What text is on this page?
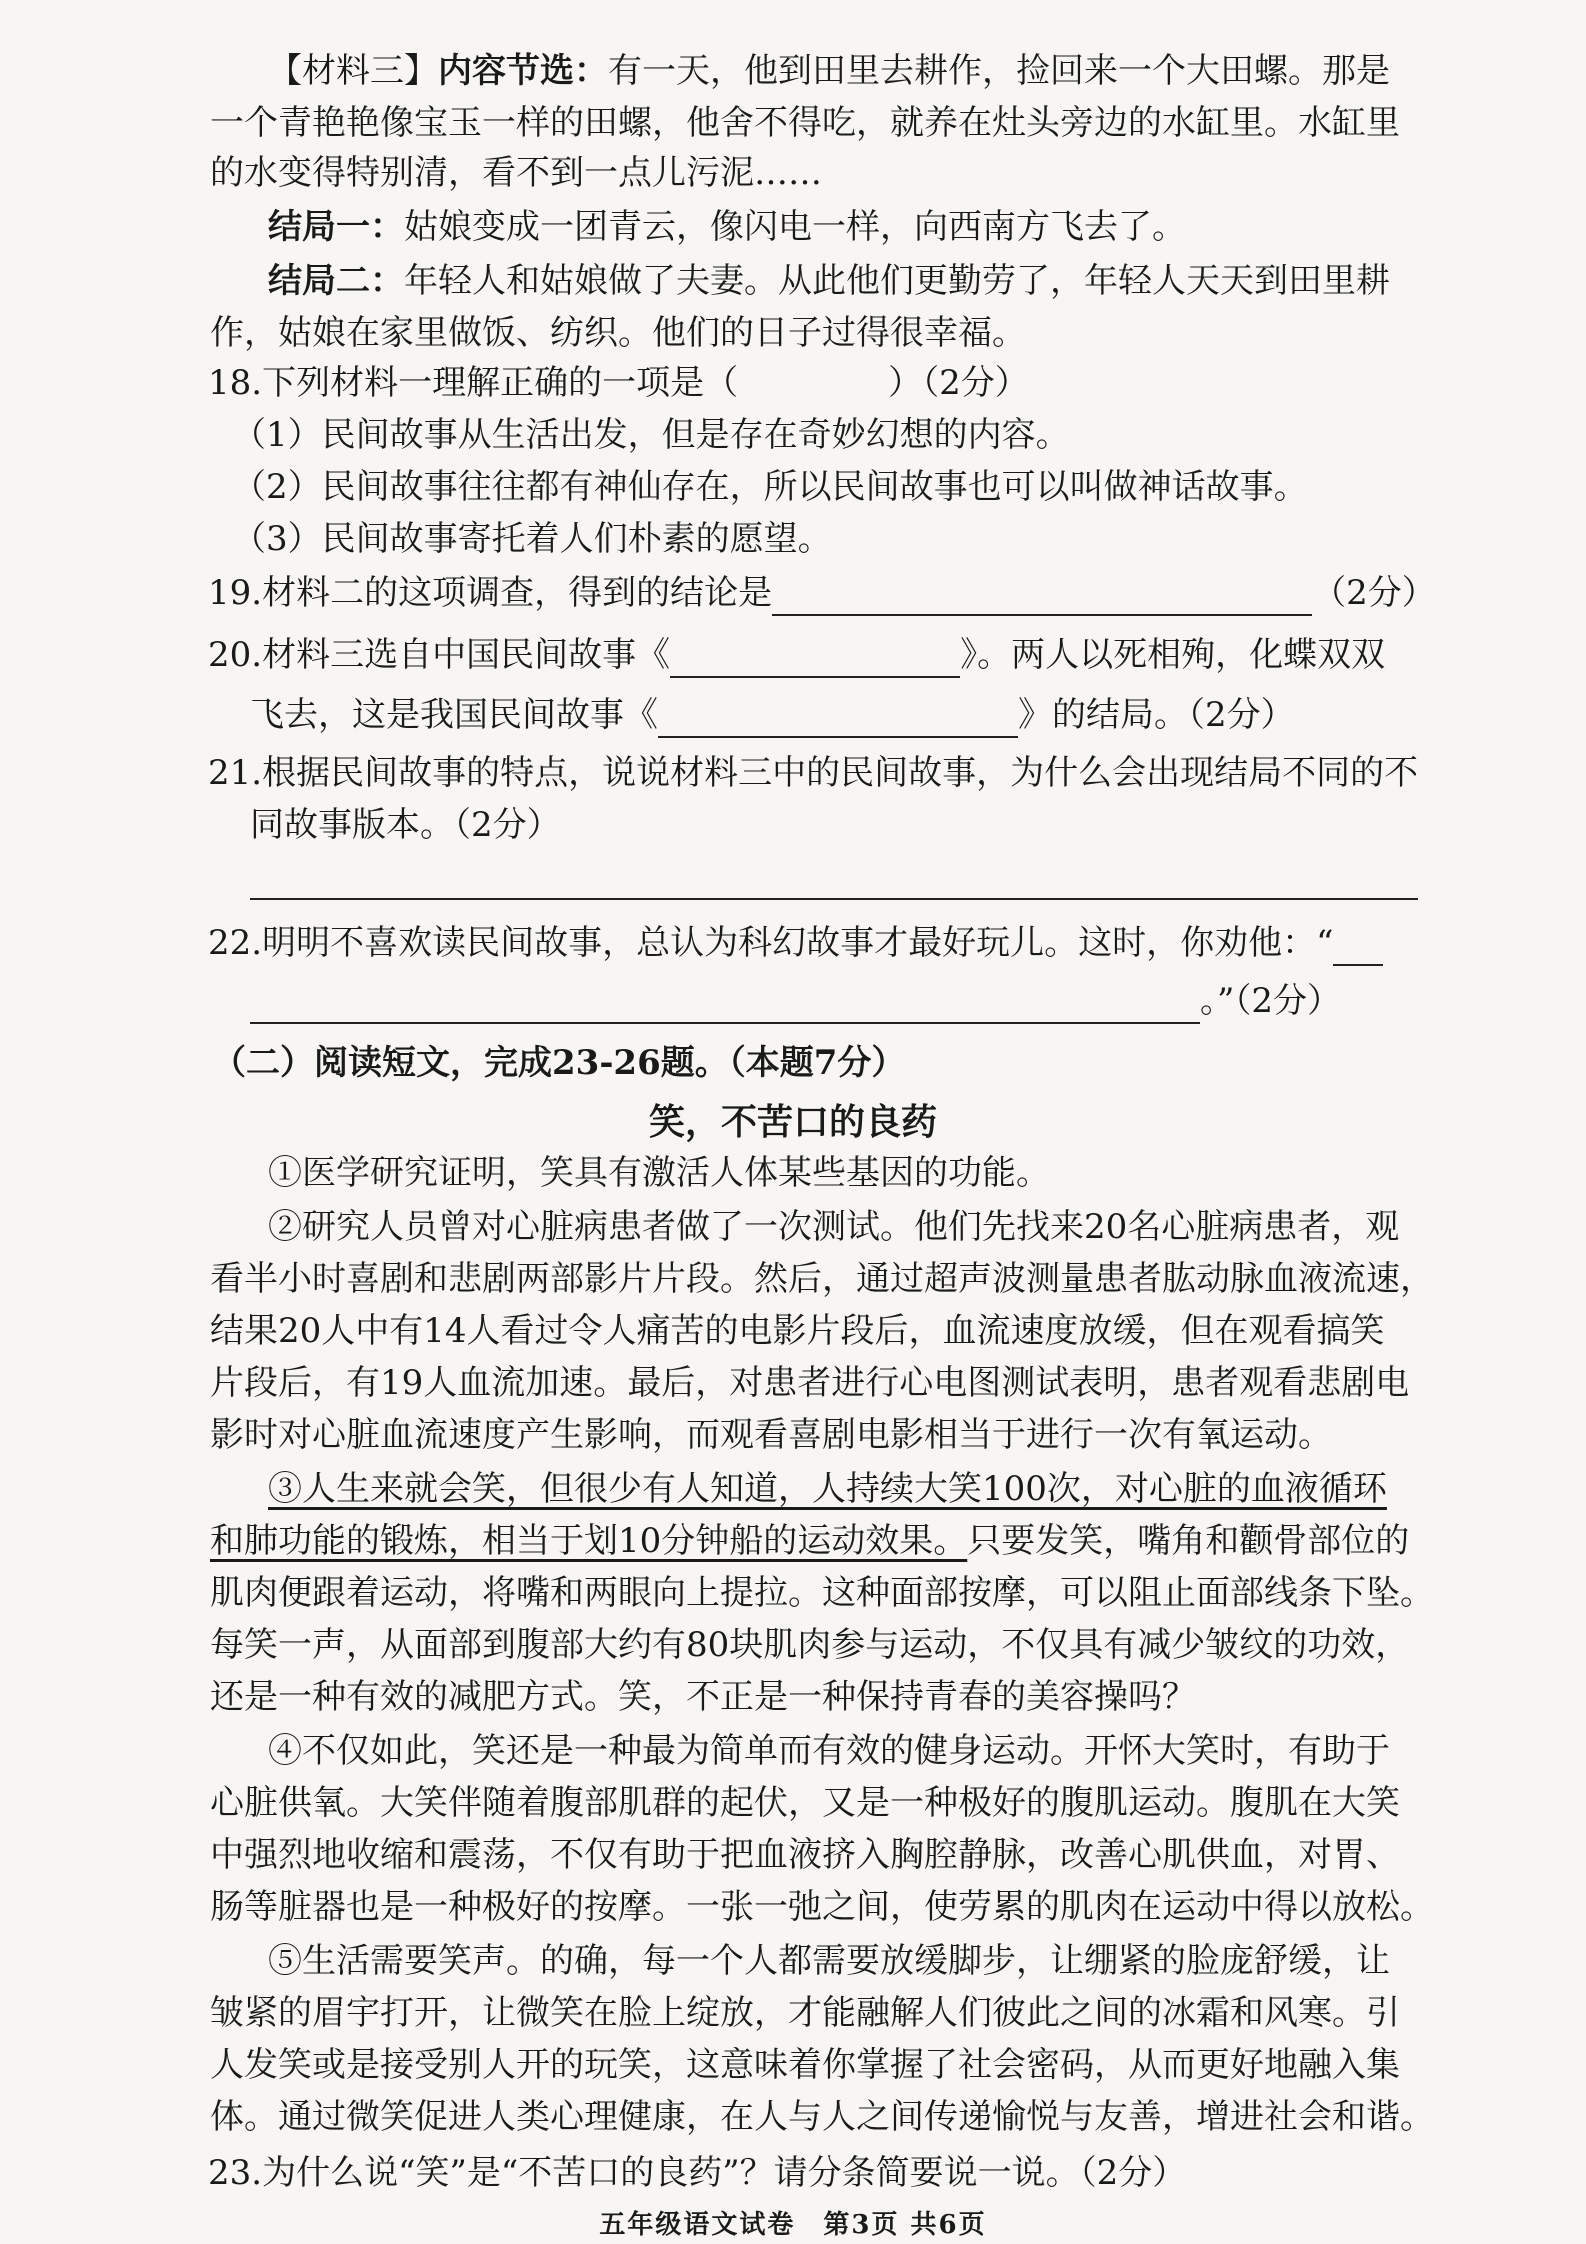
【材料三】内容节选：有一天，他到田里去耕作，捡回来一个大田螺。那是
一个青艳艳像宝玉一样的田螺，他舍不得吃，就养在灶头旁边的水缸里。水缸里
的水变得特别清，看不到一点儿污泥……
结局一：姑娘变成一团青云，像闪电一样，向西南方飞去了。
结局二：年轻人和姑娘做了夫妻。从此他们更勤劳了，年轻人天天到田里耕
作，姑娘在家里做饭、纺织。他们的日子过得很幸福。
18.下列材料一理解正确的一项是（	）（2分）
（1）民间故事从生活出发，但是存在奇妙幻想的内容。
（2）民间故事往往都有神仙存在，所以民间故事也可以叫做神话故事。
（3）民间故事寄托着人们朴素的愿望。
19.材料二的这项调查，得到的结论是	（2分）
20.材料三选自中国民间故事《	》。两人以死相殉，化蝶双双
飞去，这是我国民间故事《	》的结局。（2分）
21.根据民间故事的特点，说说材料三中的民间故事，为什么会出现结局不同的不
同故事版本。（2分）
22.明明不喜欢读民间故事，总认为科幻故事才最好玩儿。这时，你劝他：“
。”（2分）
（二）阅读短文，完成23-26题。（本题7分）
笑，不苦口的良药
①医学研究证明，笑具有激活人体某些基因的功能。
②研究人员曾对心脏病患者做了一次测试。他们先找来20名心脏病患者，观
看半小时喜剧和悲剧两部影片片段。然后，通过超声波测量患者肱动脉血液流速，
结果20人中有14人看过令人痛苦的电影片段后，血流速度放缓，但在观看搞笑
片段后，有19人血流加速。最后，对患者进行心电图测试表明，患者观看悲剧电
影时对心脏血流速度产生影响，而观看喜剧电影相当于进行一次有氧运动。
③人生来就会笑，但很少有人知道，人持续大笑100次，对心脏的血液循环
和肺功能的锻炼，相当于划10分钟船的运动效果。只要发笑，嘴角和颧骨部位的
肌肉便跟着运动，将嘴和两眼向上提拉。这种面部按摩，可以阻止面部线条下坠。
每笑一声，从面部到腹部大约有80块肌肉参与运动，不仅具有减少皱纹的功效，
还是一种有效的减肥方式。笑，不正是一种保持青春的美容操吗？
④不仅如此，笑还是一种最为简单而有效的健身运动。开怀大笑时，有助于
心脏供氧。大笑伴随着腹部肌群的起伏，又是一种极好的腹肌运动。腹肌在大笑
中强烈地收缩和震荡，不仅有助于把血液挤入胸腔静脉，改善心肌供血，对胃、
肠等脏器也是一种极好的按摩。一张一弛之间，使劳累的肌肉在运动中得以放松。
⑤生活需要笑声。的确，每一个人都需要放缓脚步，让绷紧的脸庞舒缓，让
皱紧的眉宇打开，让微笑在脸上绽放，才能融解人们彼此之间的冰霜和风寒。引
人发笑或是接受别人开的玩笑，这意味着你掌握了社会密码，从而更好地融入集
体。通过微笑促进人类心理健康，在人与人之间传递愉悦与友善，增进社会和谐。
23.为什么说“笑”是“不苦口的良药”？请分条简要说一说。（2分）
五年级语文试卷　第3页 共6页
